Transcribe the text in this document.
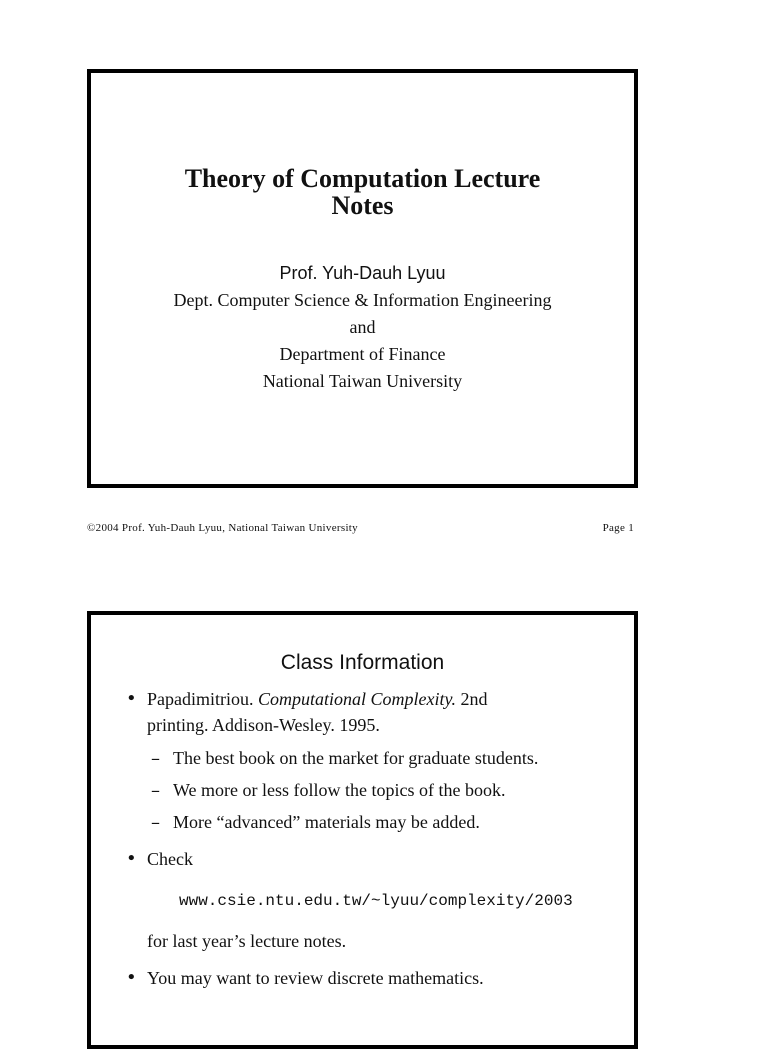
Theory of Computation Lecture
Notes
Prof. Yuh-Dauh Lyuu
Dept. Computer Science & Information Engineering
and
Department of Finance
National Taiwan University
©2004 Prof. Yuh-Dauh Lyuu, National Taiwan University	Page 1
Class Information
• Papadimitriou. Computational Complexity. 2nd
printing. Addison-Wesley. 1995.
– The best book on the market for graduate students.
– We more or less follow the topics of the book.
– More “advanced” materials may be added.
• Check
www.csie.ntu.edu.tw/~lyuu/complexity/2003
for last year’s lecture notes.
• You may want to review discrete mathematics.
